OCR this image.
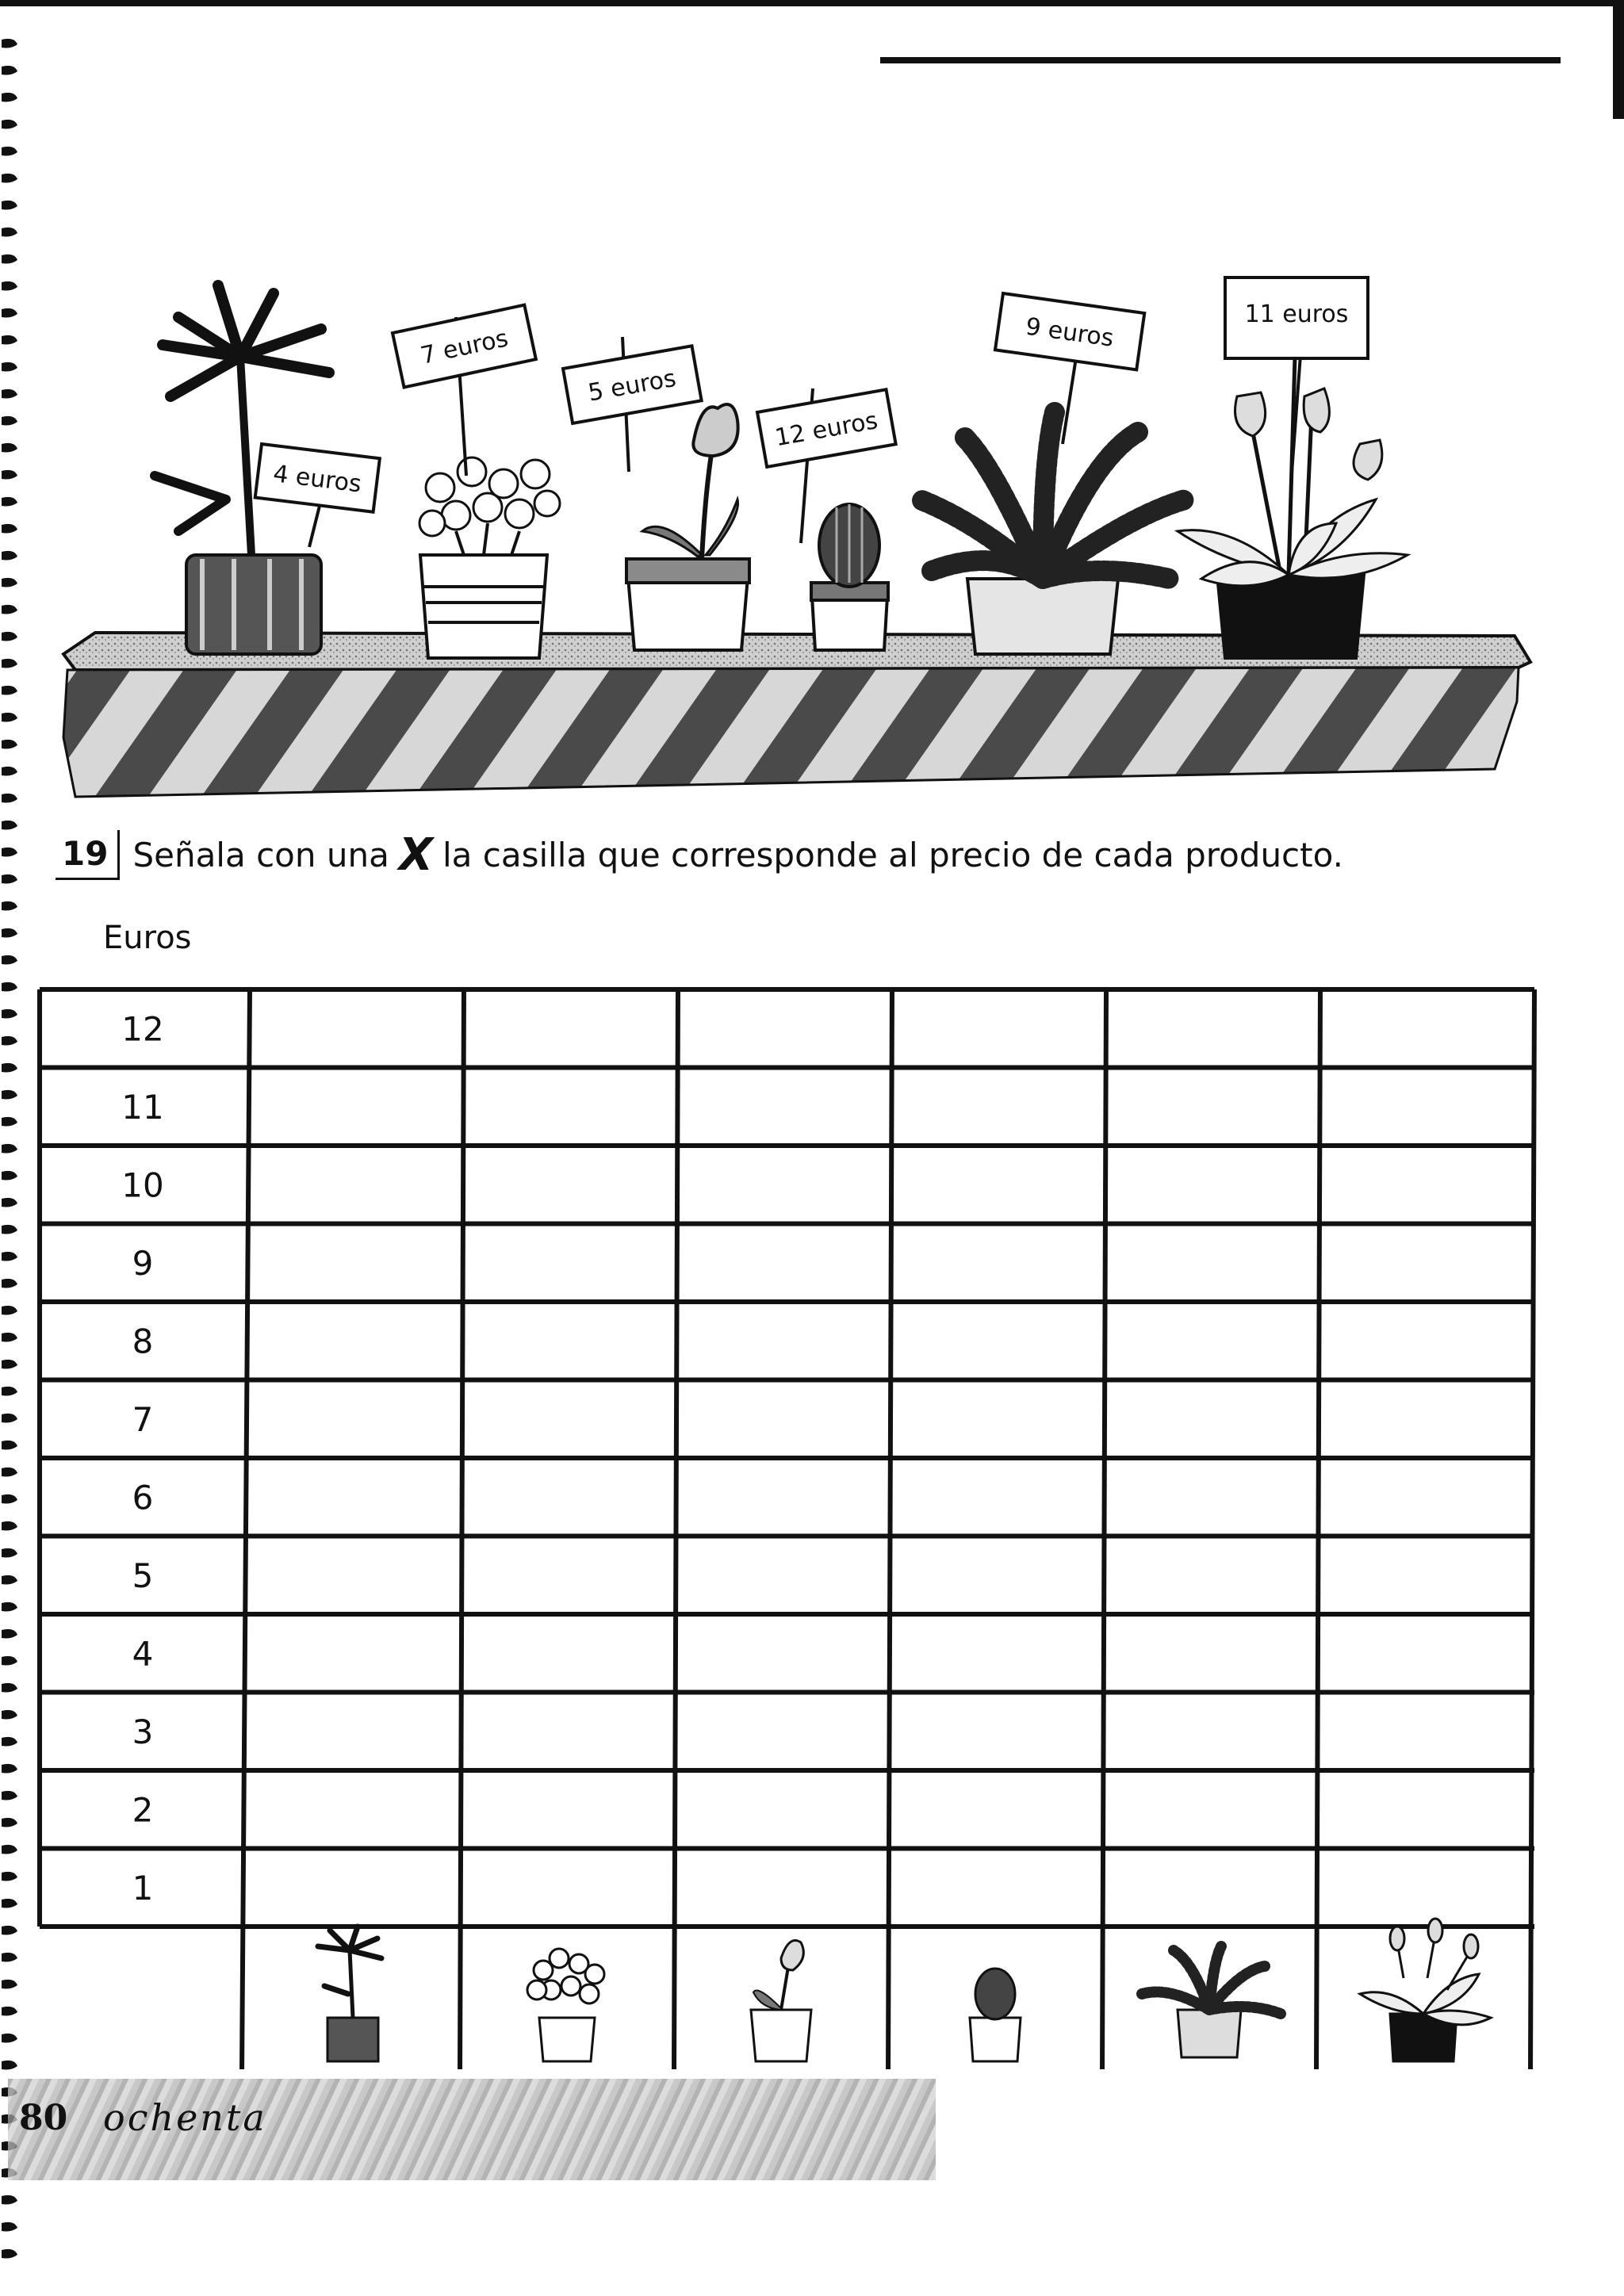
4 euros
7 euros
5 euros
12 euros
9 euros	11 euros
19 Señala con una X la casilla que corresponde al precio de cada producto.
Euros
12
11
10
9
8
7
6
5
4
3
2
1
80 ochenta
